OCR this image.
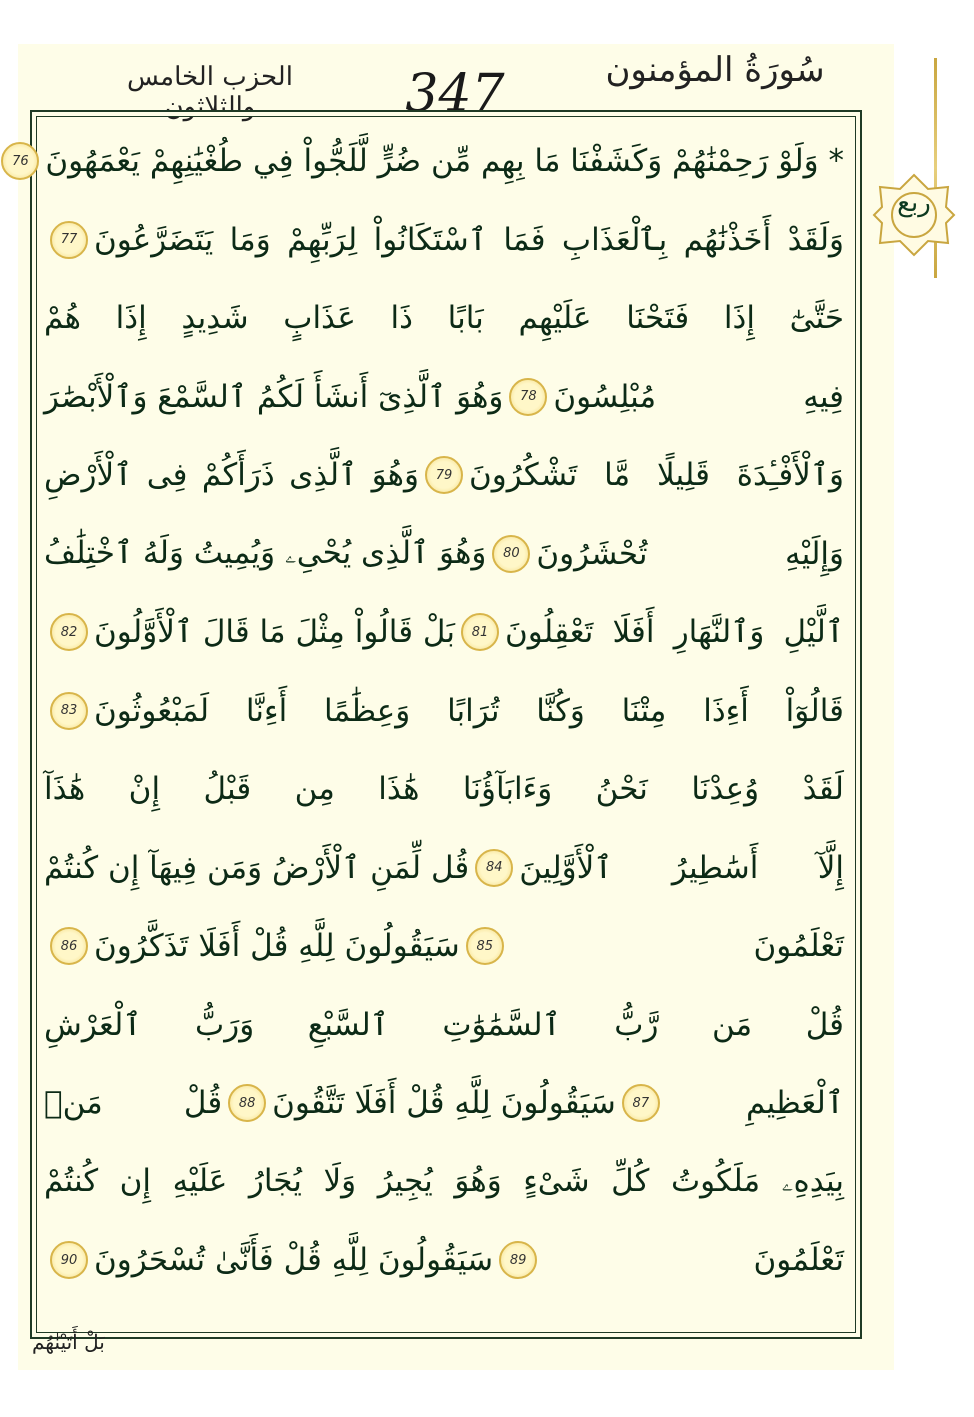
سُورَةُ المؤمنون
347
الحزب الخامس والثلاثون
ربع
* وَلَوْ رَحِمْنَٰهُمْ وَكَشَفْنَا مَا بِهِم مِّن ضُرٍّ لَّلَجُّواْ فِي طُغْيَٰنِهِمْ يَعْمَهُونَ
76
وَلَقَدْ أَخَذْنَٰهُم بِٱلْعَذَابِ فَمَا ٱسْتَكَانُواْ لِرَبِّهِمْ وَمَا يَتَضَرَّعُونَ
77
حَتَّىٰٓ إِذَا فَتَحْنَا عَلَيْهِم بَابًا ذَا عَذَابٍ شَدِيدٍ إِذَا هُمْ
فِيهِ مُبْلِسُونَ
78
وَهُوَ ٱلَّذِىٓ أَنشَأَ لَكُمُ ٱلسَّمْعَ وَٱلْأَبْصَٰرَ
وَٱلْأَفْـِٔدَةَ قَلِيلًا مَّا تَشْكُرُونَ
79
وَهُوَ ٱلَّذِى ذَرَأَكُمْ فِى ٱلْأَرْضِ
وَإِلَيْهِ تُحْشَرُونَ
80
وَهُوَ ٱلَّذِى يُحْىِۦ وَيُمِيتُ وَلَهُ ٱخْتِلَٰفُ
ٱلَّيْلِ وَٱلنَّهَارِ أَفَلَا تَعْقِلُونَ
81
بَلْ قَالُواْ مِثْلَ مَا قَالَ ٱلْأَوَّلُونَ
82
قَالُوٓاْ أَءِذَا مِتْنَا وَكُنَّا تُرَابًا وَعِظَٰمًا أَءِنَّا لَمَبْعُوثُونَ
83
لَقَدْ وُعِدْنَا نَحْنُ وَءَابَآؤُنَا هَٰذَا مِن قَبْلُ إِنْ هَٰذَآ
إِلَّآ أَسَٰطِيرُ ٱلْأَوَّلِينَ
84
قُل لِّمَنِ ٱلْأَرْضُ وَمَن فِيهَآ إِن كُنتُمْ
تَعْلَمُونَ
85
سَيَقُولُونَ لِلَّهِ قُلْ أَفَلَا تَذَكَّرُونَ
86
قُلْ مَن رَّبُّ ٱلسَّمَٰوَٰتِ ٱلسَّبْعِ وَرَبُّ ٱلْعَرْشِ
ٱلْعَظِيمِ
87
سَيَقُولُونَ لِلَّهِ قُلْ أَفَلَا تَتَّقُونَ
88
قُلْ مَنۢ
بِيَدِهِۦ مَلَكُوتُ كُلِّ شَىْءٍ وَهُوَ يُجِيرُ وَلَا يُجَارُ عَلَيْهِ إِن كُنتُمْ
تَعْلَمُونَ
89
سَيَقُولُونَ لِلَّهِ قُلْ فَأَنَّىٰ تُسْحَرُونَ
90
بَلْ أَتَيْنَٰهُم
